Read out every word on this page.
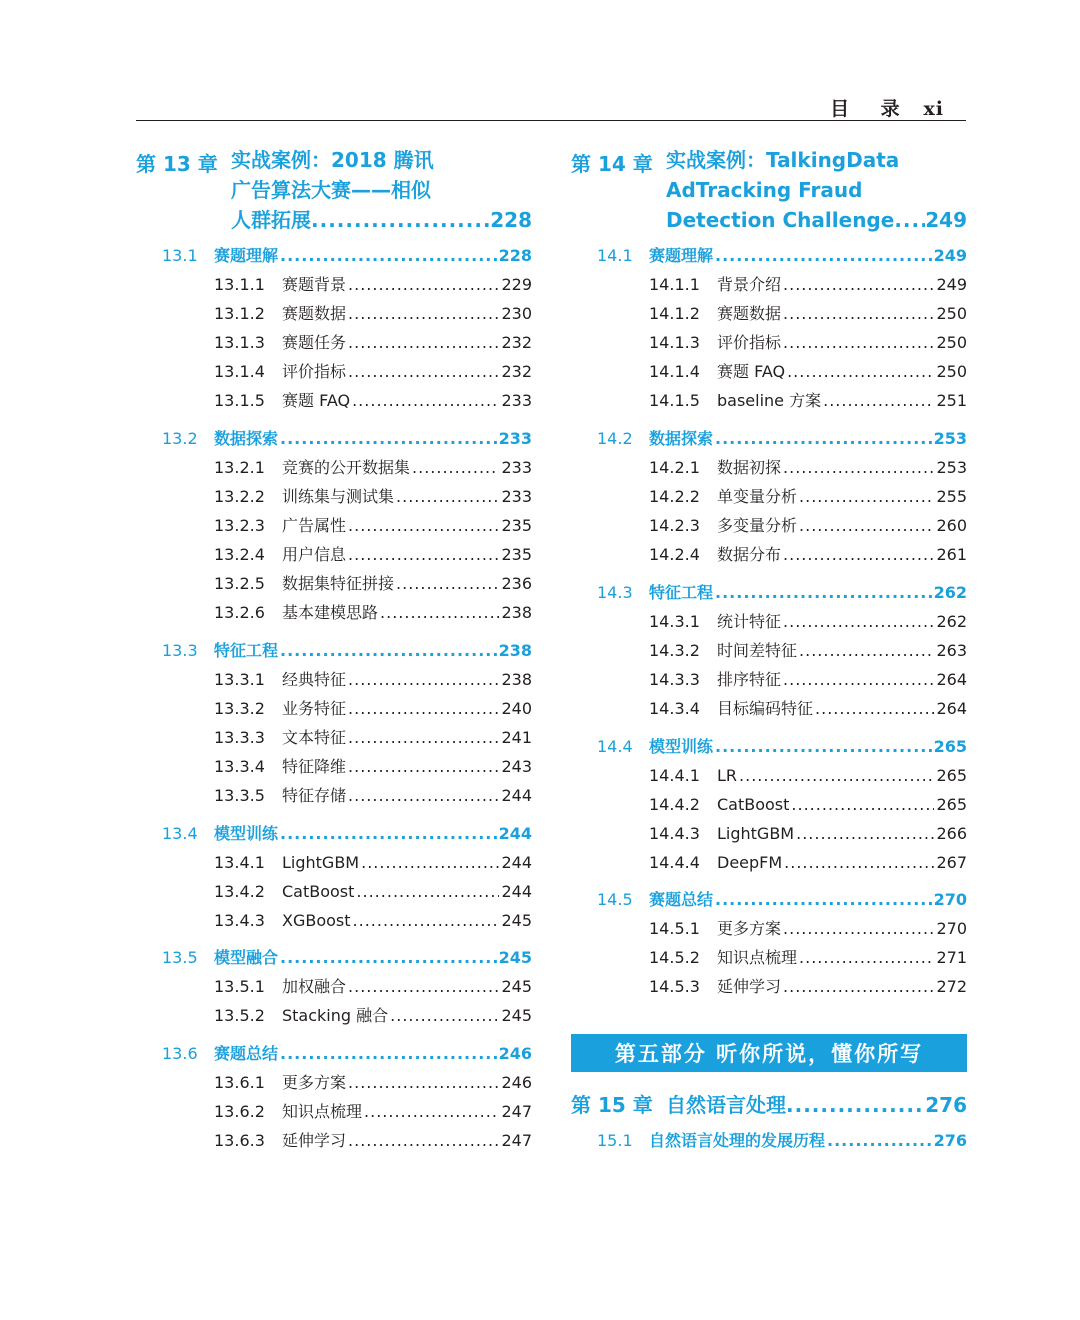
目    录   xi
第 13 章 实战案例：2018 腾讯
广告算法大赛——相似
人群拓展 .....	228
13.1	赛题理解 .....	228
13.1.1	赛题背景 .....	229
13.1.2	赛题数据 .....	230
13.1.3	赛题任务 .....	232
13.1.4	评价指标 .....	232
13.1.5	赛题 FAQ .....	233
13.2	数据探索 .....	233
13.2.1	竞赛的公开数据集 .....	233
13.2.2	训练集与测试集 .....	233
13.2.3	广告属性 .....	235
13.2.4	用户信息 .....	235
13.2.5	数据集特征拼接 .....	236
13.2.6	基本建模思路 .....	238
13.3	特征工程 .....	238
13.3.1	经典特征 .....	238
13.3.2	业务特征 .....	240
13.3.3	文本特征 .....	241
13.3.4	特征降维 .....	243
13.3.5	特征存储 .....	244
13.4	模型训练 .....	244
13.4.1	LightGBM .....	244
13.4.2	CatBoost .....	244
13.4.3	XGBoost .....	245
13.5	模型融合 .....	245
13.5.1	加权融合 .....	245
13.5.2	Stacking 融合 .....	245
13.6	赛题总结 .....	246
13.6.1	更多方案 .....	246
13.6.2	知识点梳理 .....	247
13.6.3	延伸学习 .....	247
第 14 章 实战案例：TalkingData
AdTracking Fraud
Detection Challenge ..... 249
14.1	赛题理解 .....	249
14.1.1	背景介绍 .....	249
14.1.2	赛题数据 .....	250
14.1.3	评价指标 .....	250
14.1.4	赛题 FAQ .....	250
14.1.5	baseline 方案 .....	251
14.2	数据探索 .....	253
14.2.1	数据初探 .....	253
14.2.2	单变量分析 .....	255
14.2.3	多变量分析 .....	260
14.2.4	数据分布 .....	261
14.3	特征工程 .....	262
14.3.1	统计特征 .....	262
14.3.2	时间差特征 .....	263
14.3.3	排序特征 .....	264
14.3.4	目标编码特征 .....	264
14.4	模型训练 .....	265
14.4.1	LR .....	265
14.4.2	CatBoost .....	265
14.4.3	LightGBM .....	266
14.4.4	DeepFM .....	267
14.5	赛题总结 .....	270
14.5.1	更多方案 .....	270
14.5.2	知识点梳理 .....	271
14.5.3	延伸学习 .....	272
第五部分 听你所说，懂你所写
第 15 章 自然语言处理 .....	276
15.1	自然语言处理的发展历程 .....	276
